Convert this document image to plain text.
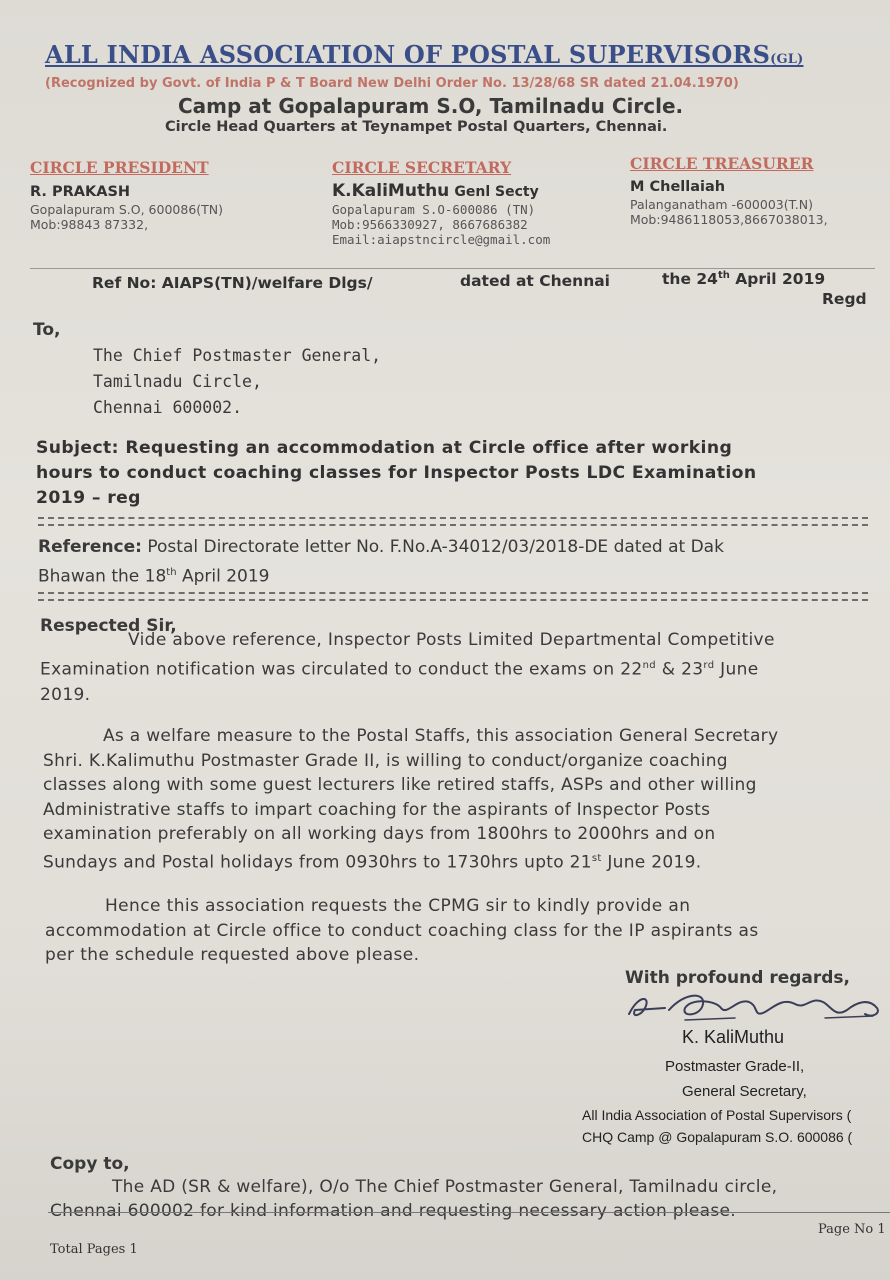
ALL INDIA ASSOCIATION OF POSTAL SUPERVISORS(GL)
(Recognized by Govt. of India P & T Board New Delhi Order No. 13/28/68 SR dated 21.04.1970)
Camp at Gopalapuram S.O, Tamilnadu Circle.
Circle Head Quarters at Teynampet Postal Quarters, Chennai.
CIRCLE PRESIDENT
R. PRAKASH
Gopalapuram S.O, 600086(TN)
Mob:98843 87332,
CIRCLE SECRETARY
K.KaliMuthu Genl Secty
Gopalapuram S.O-600086 (TN)
Mob:9566330927, 8667686382
Email:aiapstncircle@gmail.com
CIRCLE TREASURER
M Chellaiah
Palanganatham -600003(T.N)
Mob:9486118053,8667038013,
Ref No: AIAPS(TN)/welfare Dlgs/	dated at Chennai	the 24th April 2019
Regd
To,
The Chief Postmaster General,
Tamilnadu Circle,
Chennai 600002.
Subject: Requesting an accommodation at Circle office after working
hours to conduct coaching classes for Inspector Posts LDC Examination
2019 – reg
Reference: Postal Directorate letter No. F.No.A-34012/03/2018-DE dated at Dak
Bhawan the 18th April 2019
Respected Sir,
Vide above reference, Inspector Posts Limited Departmental Competitive
Examination notification was circulated to conduct the exams on 22nd & 23rd June
2019.
As a welfare measure to the Postal Staffs, this association General Secretary
Shri. K.Kalimuthu Postmaster Grade II, is willing to conduct/organize coaching
classes along with some guest lecturers like retired staffs, ASPs and other willing
Administrative staffs to impart coaching for the aspirants of Inspector Posts
examination preferably on all working days from 1800hrs to 2000hrs and on
Sundays and Postal holidays from 0930hrs to 1730hrs upto 21st June 2019.
Hence this association requests the CPMG sir to kindly provide an
accommodation at Circle office to conduct coaching class for the IP aspirants as
per the schedule requested above please.
With profound regards,
K. KaliMuthu
Postmaster Grade-II,
General Secretary,
All India Association of Postal Supervisors (
CHQ Camp @ Gopalapuram S.O. 600086 (
Copy to,
The AD (SR & welfare), O/o The Chief Postmaster General, Tamilnadu circle,
Chennai 600002 for kind information and requesting necessary action please.
Page No 1
Total Pages 1
